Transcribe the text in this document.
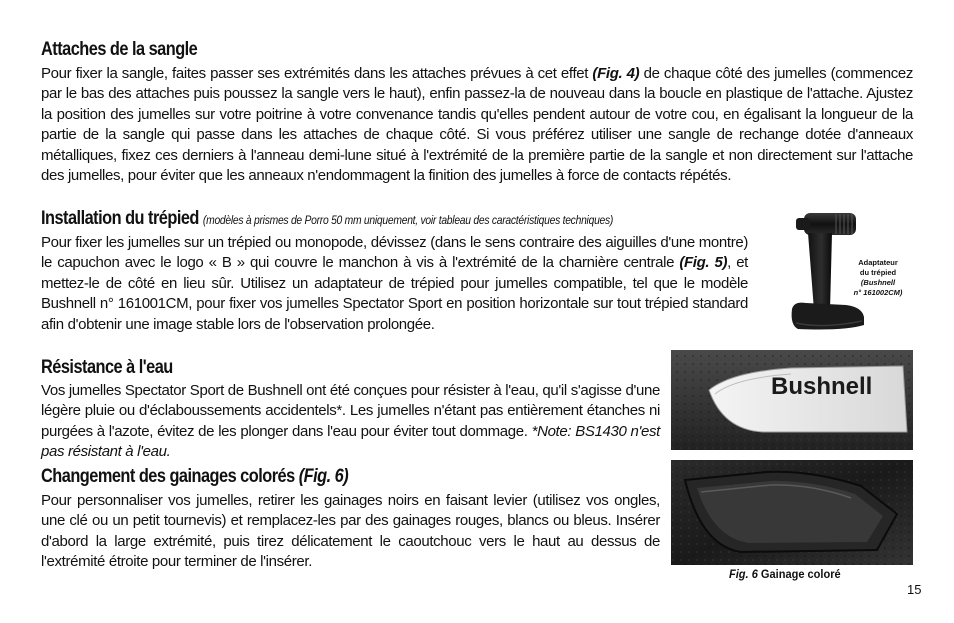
Attaches de la sangle

Pour fixer la sangle, faites passer ses extrémités dans les attaches prévues à cet effet (Fig. 4) de chaque côté des jumelles (commencez par le bas des attaches puis poussez la sangle vers le haut), enfin passez-la de nouveau dans la boucle en plastique de l'attache. Ajustez la position des jumelles sur votre poitrine à votre convenance tandis qu'elles pendent autour de votre cou, en égalisant la longueur de la partie de la sangle qui passe dans les attaches de chaque côté. Si vous préférez utiliser une sangle de rechange dotée d'anneaux métalliques, fixez ces derniers à l'anneau demi-lune situé à l'extrémité de la première partie de la sangle et non directement sur l'attache des jumelles, pour éviter que les anneaux n'endommagent la finition des jumelles à force de contacts répétés.

Installation du trépied (modèles à prismes de Porro 50 mm uniquement, voir tableau des caractéristiques techniques)

Pour fixer les jumelles sur un trépied ou monopode, dévissez (dans le sens contraire des aiguilles d'une montre) le capuchon avec le logo « B » qui couvre le manchon à vis à l'extrémité de la charnière centrale (Fig. 5), et mettez-le de côté en lieu sûr. Utilisez un adaptateur de trépied pour jumelles compatible, tel que le modèle Bushnell n° 161001CM, pour fixer vos jumelles Spectator Sport en position horizontale sur tout trépied standard afin d'obtenir une image stable lors de l'observation prolongée.

Adaptateur
du trépied
(Bushnell
n° 161002CM)
Résistance à l'eau

Vos jumelles Spectator Sport de Bushnell ont été conçues pour résister à l'eau, qu'il s'agisse d'une légère pluie ou d'éclaboussements accidentels*. Les jumelles n'étant pas entièrement étanches ni purgées à l'azote, évitez de les plonger dans l'eau pour éviter tout dommage. *Note: BS1430 n'est pas résistant à l'eau.

Changement des gainages colorés (Fig. 6)

Pour personnaliser vos jumelles, retirer les gainages noirs en faisant levier (utilisez vos ongles, une clé ou un petit tournevis) et remplacez-les par des gainages rouges, blancs ou bleus. Insérer d'abord la large extrémité, puis tirez délicatement le caoutchouc vers le haut au dessus de l'extrémité étroite pour terminer de l'insérer.

Bushnell
Fig. 6 Gainage coloré
15
